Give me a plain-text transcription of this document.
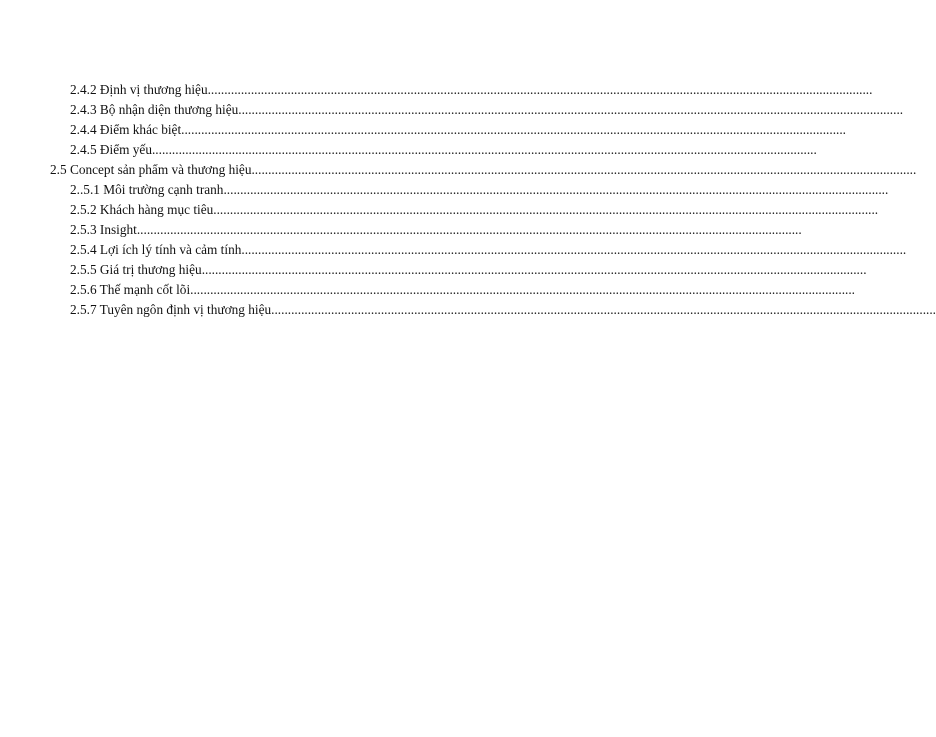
2.4.2 Định vị thương hiệu........................................................................................................................................................................................................
2.4.3 Bộ nhận diện thương hiệu........................................................................................................................................................................................................
2.4.4 Điểm khác biệt........................................................................................................................................................................................................
2.4.5 Điểm yếu........................................................................................................................................................................................................
2.5 Concept sản phẩm và thương hiệu........................................................................................................................................................................................................
2..5.1 Môi trường cạnh tranh........................................................................................................................................................................................................
2.5.2 Khách hàng mục tiêu........................................................................................................................................................................................................
2.5.3 Insight........................................................................................................................................................................................................
2.5.4 Lợi ích lý tính và cảm tính........................................................................................................................................................................................................
2.5.5 Giá trị thương hiệu........................................................................................................................................................................................................
2.5.6 Thế mạnh cốt lõi........................................................................................................................................................................................................
2.5.7 Tuyên ngôn định vị thương hiệu........................................................................................................................................................................................................
